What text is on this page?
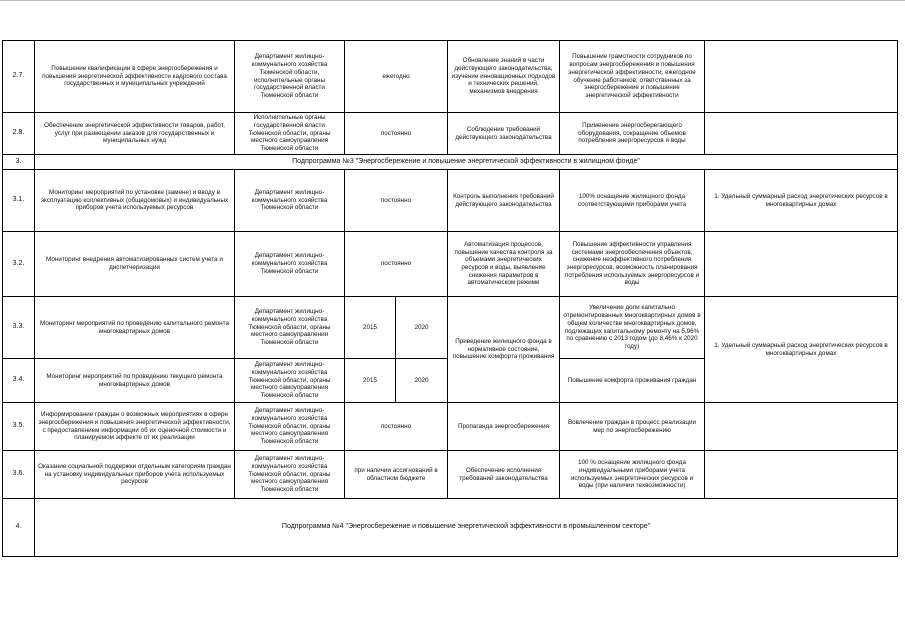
2.7.	Повышение квалификации в сфере энергосбережения и повышения энергетической эффективности кадрового состава государственных и муниципальных учреждений	Департамент жилищно-коммунального хозяйства Тюменской области, исполнительные органы государственной власти Тюменской области	ежегодно		Обновление знаний в части действующего законодательства, изучение инновационных подходов и технических решений, механизмов внедрения	Повышение грамотности сотрудников по вопросам энергосбережения и повышения энергетической эффективности, ежегодное обучение работников, ответственных за энергосбережение и повышение энергетической эффективности	
2.8.	Обеспечение энергетической эффективности товаров, работ, услуг при размещении заказов для государственных и муниципальных нужд	Исполнительные органы государственной власти Тюменской области, органы местного самоуправления Тюменской области	постоянно		Соблюдение требований действующего законодательства	Применение энергосберегающего оборудования, сокращение объемов потребления энергоресурсов и воды	
3.	Подпрограмма №3 "Энергосбережение и повышение энергетической эффективности в жилищном фонде"						
3.1.	Мониторинг мероприятий по установке (замене) и вводу в эксплуатацию коллективных (общедомовых) и индивидуальных приборов учета используемых ресурсов	Департамент жилищно-коммунального хозяйства Тюменской области	постоянно		Контроль выполнения требований действующего законодательства	100% оснащение жилищного фонда соответствующими приборами учета	1. Удельный суммарный расход энергетических ресурсов в многоквартирных домах
3.2.	Мониторинг внедрения автоматизированных систем учета и диспетчеризации	Департамент жилищно-коммунального хозяйства Тюменской области	постоянно		Автоматизация процессов, повышение качества контроля за объемами энергетических ресурсов и воды, выявление снижения параметров в автоматическом режиме	Повышение эффективности управления системами энергообеспечения объектов, снижение неэффективного потребления энергоресурсов, возможность планирования потребления используемых энергоресурсов и воды	
3.3.	Мониторинг мероприятий по проведению капитального ремонта многоквартирных домов	Департамент жилищно-коммунального хозяйства Тюменской области, органы местного самоуправления Тюменской области	2015	2020	Приведение жилищного фонда в нормативное состояние, повышение комфорта проживания	Увеличение доли капитально отремонтированных многоквартирных домов в общем количестве многоквартирных домов, подлежащих капитальному ремонту на 5,96% по сравнению с 2013 годом (до 8,46% к 2020 году)	1. Удельный суммарный расход энергетических ресурсов в многоквартирных домах
3.4.	Мониторинг мероприятий по проведению текущего ремонта многоквартирных домов	Департамент жилищно-коммунального хозяйства Тюменской области, органы местного самоуправления Тюменской области	2015	2020		Повышение комфорта проживания граждан	
3.5.	Информирование граждан о возможных мероприятиях в сфере энергосбережения и повышения энергетической эффективности, с предоставлением информации об их оценочной стоимости и планируемом эффекте от их реализации	Департамент жилищно-коммунального хозяйства Тюменской области, органы местного самоуправления Тюменской области	постоянно		Пропаганда энергосбережения	Вовлечение граждан в процесс реализации мер по энергосбережению	
3.6.	Оказание социальной поддержки отдельным категориям граждан на установку индивидуальных приборов учета используемых ресурсов	Департамент жилищно-коммунального хозяйства Тюменской области, органы местного самоуправления Тюменской области	при наличии ассигнований в областном бюджете		Обеспечение исполнения требований законодательства	100 % оснащение жилищного фонда индивидуальными приборами учета используемых энергетических ресурсов и воды (при наличии техвозможности)	
4.	Подпрограмма №4 "Энергосбережение и повышение энергетической эффективности в промышленном секторе"						
